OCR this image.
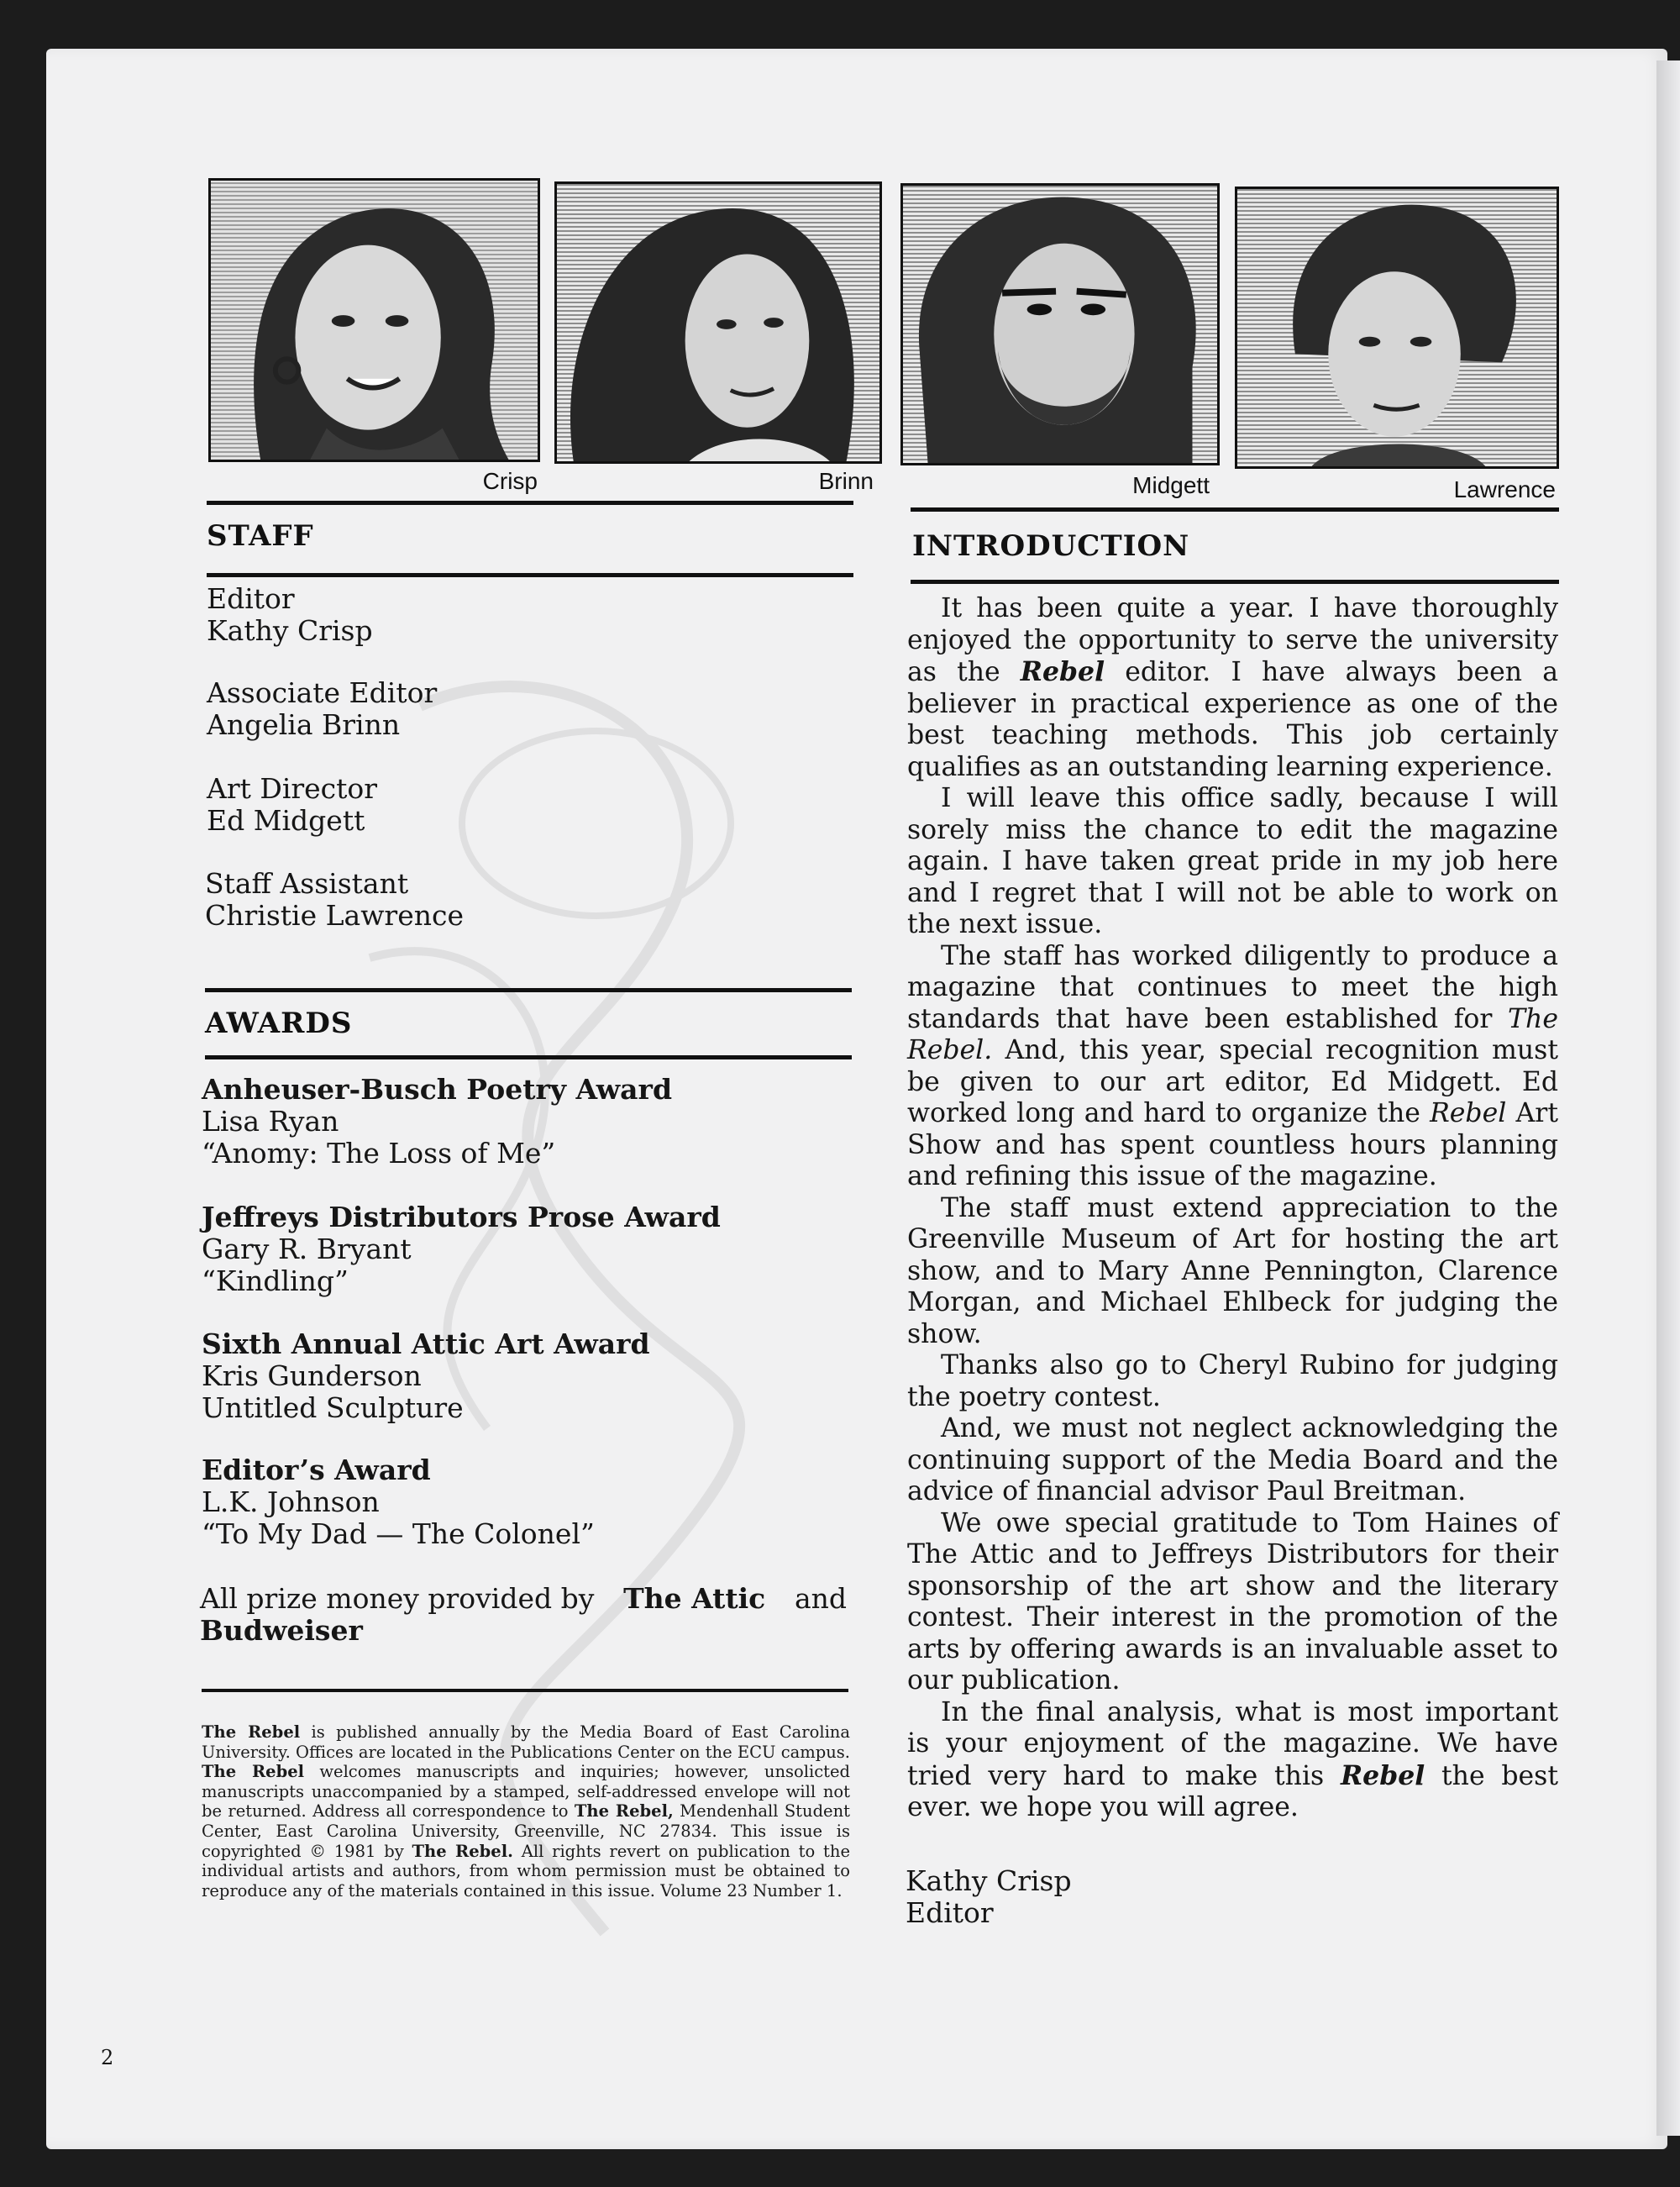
Crisp	Brinn	Midgett	Lawrence
STAFF
Editor
Kathy Crisp
Associate Editor
Angelia Brinn
Art Director
Ed Midgett
Staff Assistant
Christie Lawrence
AWARDS
Anheuser-Busch Poetry Award
Lisa Ryan
“Anomy: The Loss of Me”
Jeffreys Distributors Prose Award
Gary R. Bryant
“Kindling”
Sixth Annual Attic Art Award
Kris Gunderson
Untitled Sculpture
Editor’s Award
L.K. Johnson
“To My Dad — The Colonel”
All prize money provided by The Attic and
Budweiser

The Rebel is published annually by the Media Board of East Carolina University. Offices are located in the Publications Center on the ECU campus. The Rebel welcomes manuscripts and inquiries; however, unsolicted manuscripts unaccompanied by a stamped, self-addressed envelope will not be returned. Address all correspondence to The Rebel, Mendenhall Student Center, East Carolina University, Greenville, NC 27834. This issue is copyrighted © 1981 by The Rebel. All rights revert on publication to the individual artists and authors, from whom permission must be obtained to reproduce any of the materials contained in this issue. Volume 23 Number 1.

INTRODUCTION

It has been quite a year. I have thoroughly enjoyed the opportunity to serve the university as the Rebel editor. I have always been a believer in practical experience as one of the best teaching methods. This job certainly qualifies as an outstanding learning experience.

I will leave this office sadly, because I will sorely miss the chance to edit the magazine again. I have taken great pride in my job here and I regret that I will not be able to work on the next issue.

The staff has worked diligently to produce a magazine that continues to meet the high standards that have been established for The Rebel. And, this year, special recognition must be given to our art editor, Ed Midgett. Ed worked long and hard to organize the Rebel Art Show and has spent countless hours planning and refining this issue of the magazine.

The staff must extend appreciation to the Greenville Museum of Art for hosting the art show, and to Mary Anne Pennington, Clarence Morgan, and Michael Ehlbeck for judging the show.

Thanks also go to Cheryl Rubino for judging the poetry contest.

And, we must not neglect acknowledging the continuing support of the Media Board and the advice of financial advisor Paul Breitman.

We owe special gratitude to Tom Haines of The Attic and to Jeffreys Distributors for their sponsorship of the art show and the literary contest. Their interest in the promotion of the arts by offering awards is an invaluable asset to our publication.

In the final analysis, what is most important is your enjoyment of the magazine. We have tried very hard to make this Rebel the best ever. we hope you will agree.

Kathy Crisp
Editor
2
